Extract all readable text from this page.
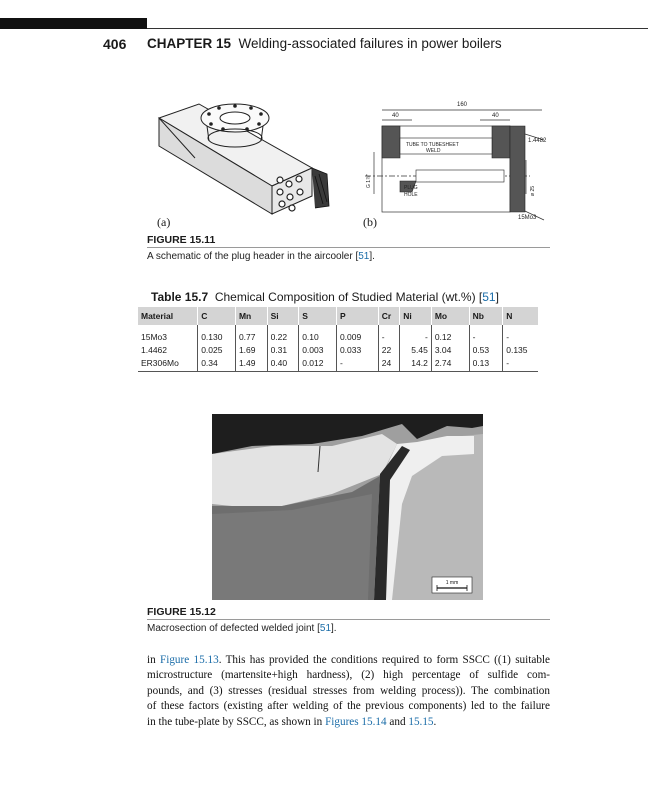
406 CHAPTER 15 Welding-associated failures in power boilers
(a)
160
40	40
1.4482
15Mo3
TUBE TO TUBESHEET
WELD
PLUG
HOLE	ø 25
G 1⅞"
(b)
FIGURE 15.11
A schematic of the plug header in the aircooler [51].
Table 15.7 Chemical Composition of Studied Material (wt.%) [51]
Material	C	Mn	Si	S	P	Cr	Ni	Mo	Nb	N
15Mo3	0.130	0.77	0.22	0.10	0.009	-	-	0.12	-	-
1.4462	0.025	1.69	0.31	0.003	0.033	22	5.45	3.04	0.53	0.135
ER306Mo	0.34	1.49	0.40	0.012	-	24	14.2	2.74	0.13	-
1 mm
FIGURE 15.12
Macrosection of defected welded joint [51].
in Figure 15.13. This has provided the conditions required to form SSCC ((1) suitable
microstructure (martensite+high hardness), (2) high percentage of sulfide com-
pounds, and (3) stresses (residual stresses from welding process)). The combination
of these factors (existing after welding of the previous components) led to the failure
in the tube-plate by SSCC, as shown in Figures 15.14 and 15.15.
